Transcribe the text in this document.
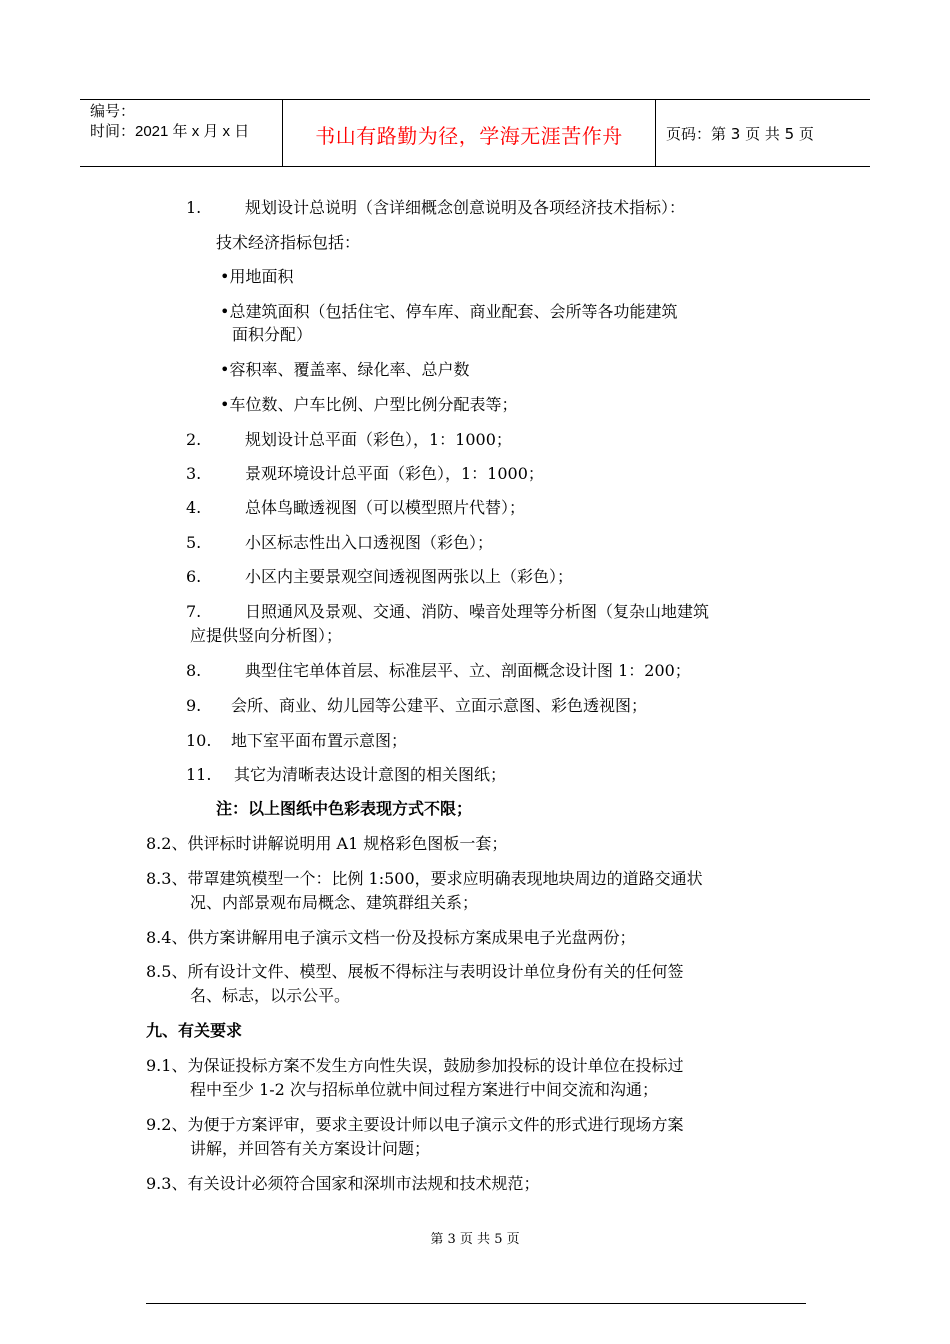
编号：
时间：2021 年 x 月 x 日	书山有路勤为径，学海无涯苦作舟	页码：第 3 页 共 5 页
1.	规划设计总说明（含详细概念创意说明及各项经济技术指标）：
技术经济指标包括：
•用地面积
•总建筑面积（包括住宅、停车库、商业配套、会所等各功能建筑
面积分配）
•容积率、覆盖率、绿化率、总户数
•车位数、户车比例、户型比例分配表等；
2.	规划设计总平面（彩色），1：1000；
3.	景观环境设计总平面（彩色），1：1000；
4.	总体鸟瞰透视图（可以模型照片代替）；
5.	小区标志性出入口透视图（彩色）；
6.	小区内主要景观空间透视图两张以上（彩色）；
7.	日照通风及景观、交通、消防、噪音处理等分析图（复杂山地建筑
应提供竖向分析图）；
8.	典型住宅单体首层、标准层平、立、剖面概念设计图 1：200；
9. 会所、商业、幼儿园等公建平、立面示意图、彩色透视图；
10. 地下室平面布置示意图；
11. 其它为清晰表达设计意图的相关图纸；
注：以上图纸中色彩表现方式不限；
8.2、供评标时讲解说明用 A1 规格彩色图板一套；
8.3、带罩建筑模型一个：比例 1:500，要求应明确表现地块周边的道路交通状
况、内部景观布局概念、建筑群组关系；
8.4、供方案讲解用电子演示文档一份及投标方案成果电子光盘两份；
8.5、所有设计文件、模型、展板不得标注与表明设计单位身份有关的任何签
名、标志，以示公平。
九、有关要求
9.1、为保证投标方案不发生方向性失误，鼓励参加投标的设计单位在投标过
程中至少 1-2 次与招标单位就中间过程方案进行中间交流和沟通；
9.2、为便于方案评审，要求主要设计师以电子演示文件的形式进行现场方案
讲解，并回答有关方案设计问题；
9.3、有关设计必须符合国家和深圳市法规和技术规范；
第 3 页 共 5 页
